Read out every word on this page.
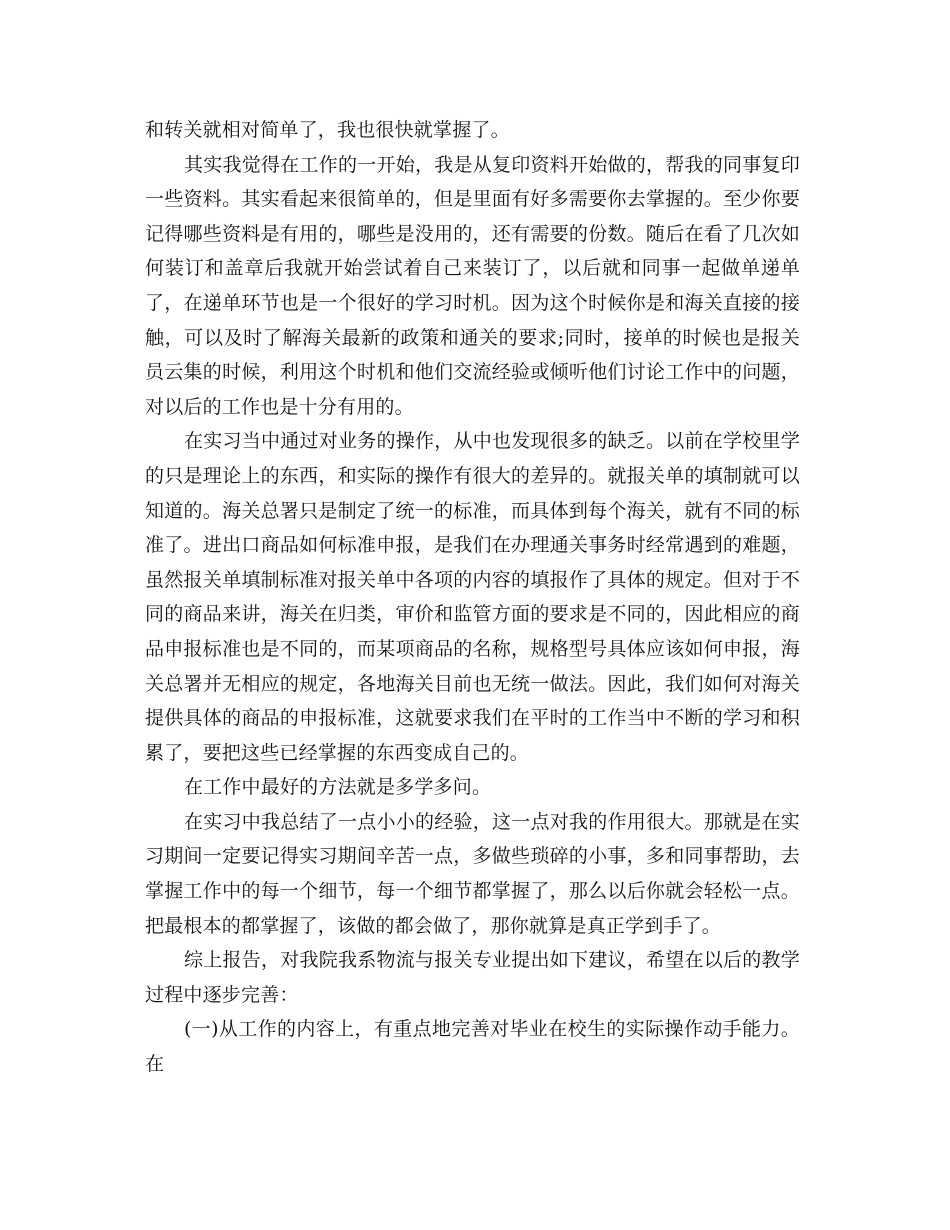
和转关就相对简单了，我也很快就掌握了。

其实我觉得在工作的一开始，我是从复印资料开始做的，帮我的同事复印一些资料。其实看起来很简单的，但是里面有好多需要你去掌握的。至少你要记得哪些资料是有用的，哪些是没用的，还有需要的份数。随后在看了几次如何装订和盖章后我就开始尝试着自己来装订了，以后就和同事一起做单递单了，在递单环节也是一个很好的学习时机。因为这个时候你是和海关直接的接触，可以及时了解海关最新的政策和通关的要求;同时，接单的时候也是报关员云集的时候，利用这个时机和他们交流经验或倾听他们讨论工作中的问题，对以后的工作也是十分有用的。

在实习当中通过对业务的操作，从中也发现很多的缺乏。以前在学校里学的只是理论上的东西，和实际的操作有很大的差异的。就报关单的填制就可以知道的。海关总署只是制定了统一的标准，而具体到每个海关，就有不同的标准了。进出口商品如何标准申报，是我们在办理通关事务时经常遇到的难题，虽然报关单填制标准对报关单中各项的内容的填报作了具体的规定。但对于不同的商品来讲，海关在归类，审价和监管方面的要求是不同的，因此相应的商品申报标准也是不同的，而某项商品的名称，规格型号具体应该如何申报，海关总署并无相应的规定，各地海关目前也无统一做法。因此，我们如何对海关提供具体的商品的申报标准，这就要求我们在平时的工作当中不断的学习和积累了，要把这些已经掌握的东西变成自己的。

在工作中最好的方法就是多学多问。

在实习中我总结了一点小小的经验，这一点对我的作用很大。那就是在实习期间一定要记得实习期间辛苦一点，多做些琐碎的小事，多和同事帮助，去掌握工作中的每一个细节，每一个细节都掌握了，那么以后你就会轻松一点。把最根本的都掌握了，该做的都会做了，那你就算是真正学到手了。

综上报告，对我院我系物流与报关专业提出如下建议，希望在以后的教学过程中逐步完善：

(一)从工作的内容上，有重点地完善对毕业在校生的实际操作动手能力。在
